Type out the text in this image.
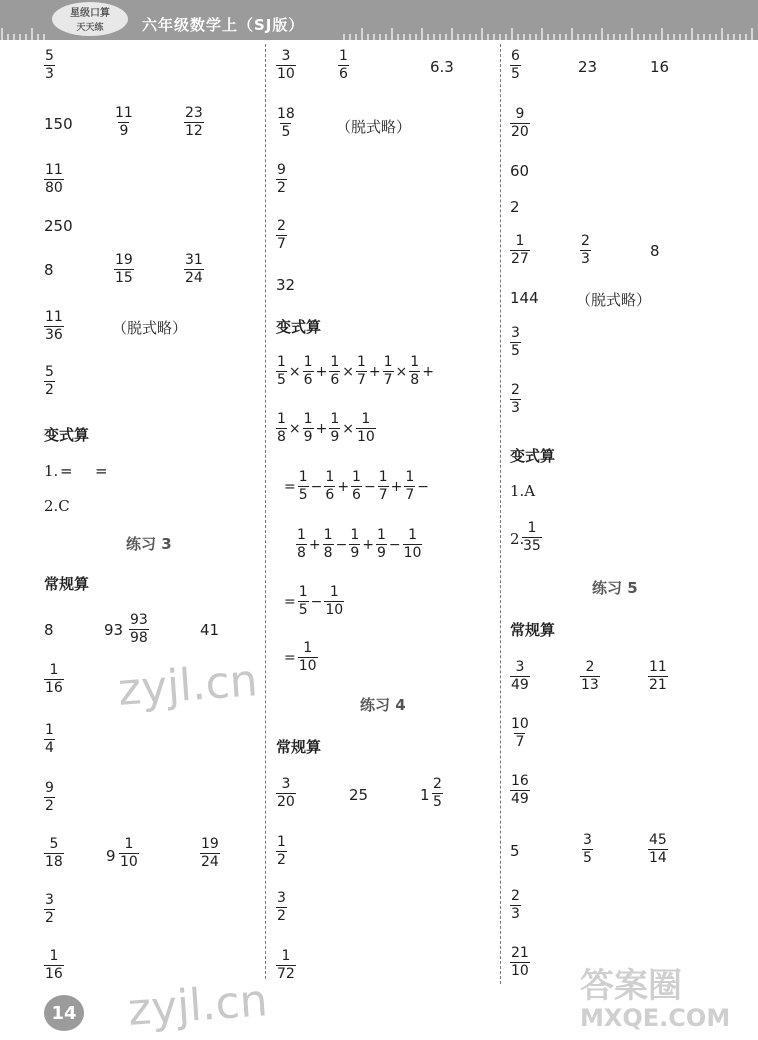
星级口算
天天练	六年级数学上（SJ版）
$\frac{5}{3}$
150	$\frac{11}{9}$	$\frac{23}{12}$
$\frac{11}{80}$
250
8	$\frac{19}{15}$	$\frac{31}{24}$
$\frac{11}{36}$	（脱式略）
$\frac{5}{2}$
变式算
1. = =
2.C
练习 3
常规算
8	$93 \frac{93}{98}$	41
$\frac{1}{16}$
$\frac{1}{4}$
$\frac{9}{2}$
$\frac{5}{18}$	$9 \frac{1}{10}$	$\frac{19}{24}$
$\frac{3}{2}$
$\frac{1}{16}$
$\frac{3}{10}$	$\frac{1}{6}$	6.3
$\frac{18}{5}$	（脱式略）
$\frac{9}{2}$
$\frac{2}{7}$
32
变式算
$\frac{1}{5} \times \frac{1}{6} + \frac{1}{6} \times \frac{1}{7} + \frac{1}{7} \times \frac{1}{8}$ +
$\frac{1}{8} \times \frac{1}{9} + \frac{1}{9} \times \frac{1}{10}$
= $\frac{1}{5} - \frac{1}{6} + \frac{1}{6} - \frac{1}{7} + \frac{1}{7}$ −
$\frac{1}{8} + \frac{1}{8} - \frac{1}{9} + \frac{1}{9} - \frac{1}{10}$
= $\frac{1}{5} - \frac{1}{10}$
= $\frac{1}{10}$
练习 4
常规算
$\frac{3}{20}$	25	$1 \frac{2}{5}$
$\frac{1}{2}$
$\frac{3}{2}$
$\frac{1}{72}$
$\frac{6}{5}$	23	16
$\frac{9}{20}$
60
2
$\frac{1}{27}$	$\frac{2}{3}$	8
144 （脱式略）
$\frac{3}{5}$
$\frac{2}{3}$
变式算
1.A
2.
$\frac{1}{35}$
练习 5
常规算
$\frac{3}{49}$	$\frac{2}{13}$	$\frac{11}{21}$
$\frac{10}{7}$
$\frac{16}{49}$
5	$\frac{3}{5}$	$\frac{45}{14}$
$\frac{2}{3}$
$\frac{21}{10}$
zyjl.cn
zyjl.cn	答案圈
MXQE.COM
14
